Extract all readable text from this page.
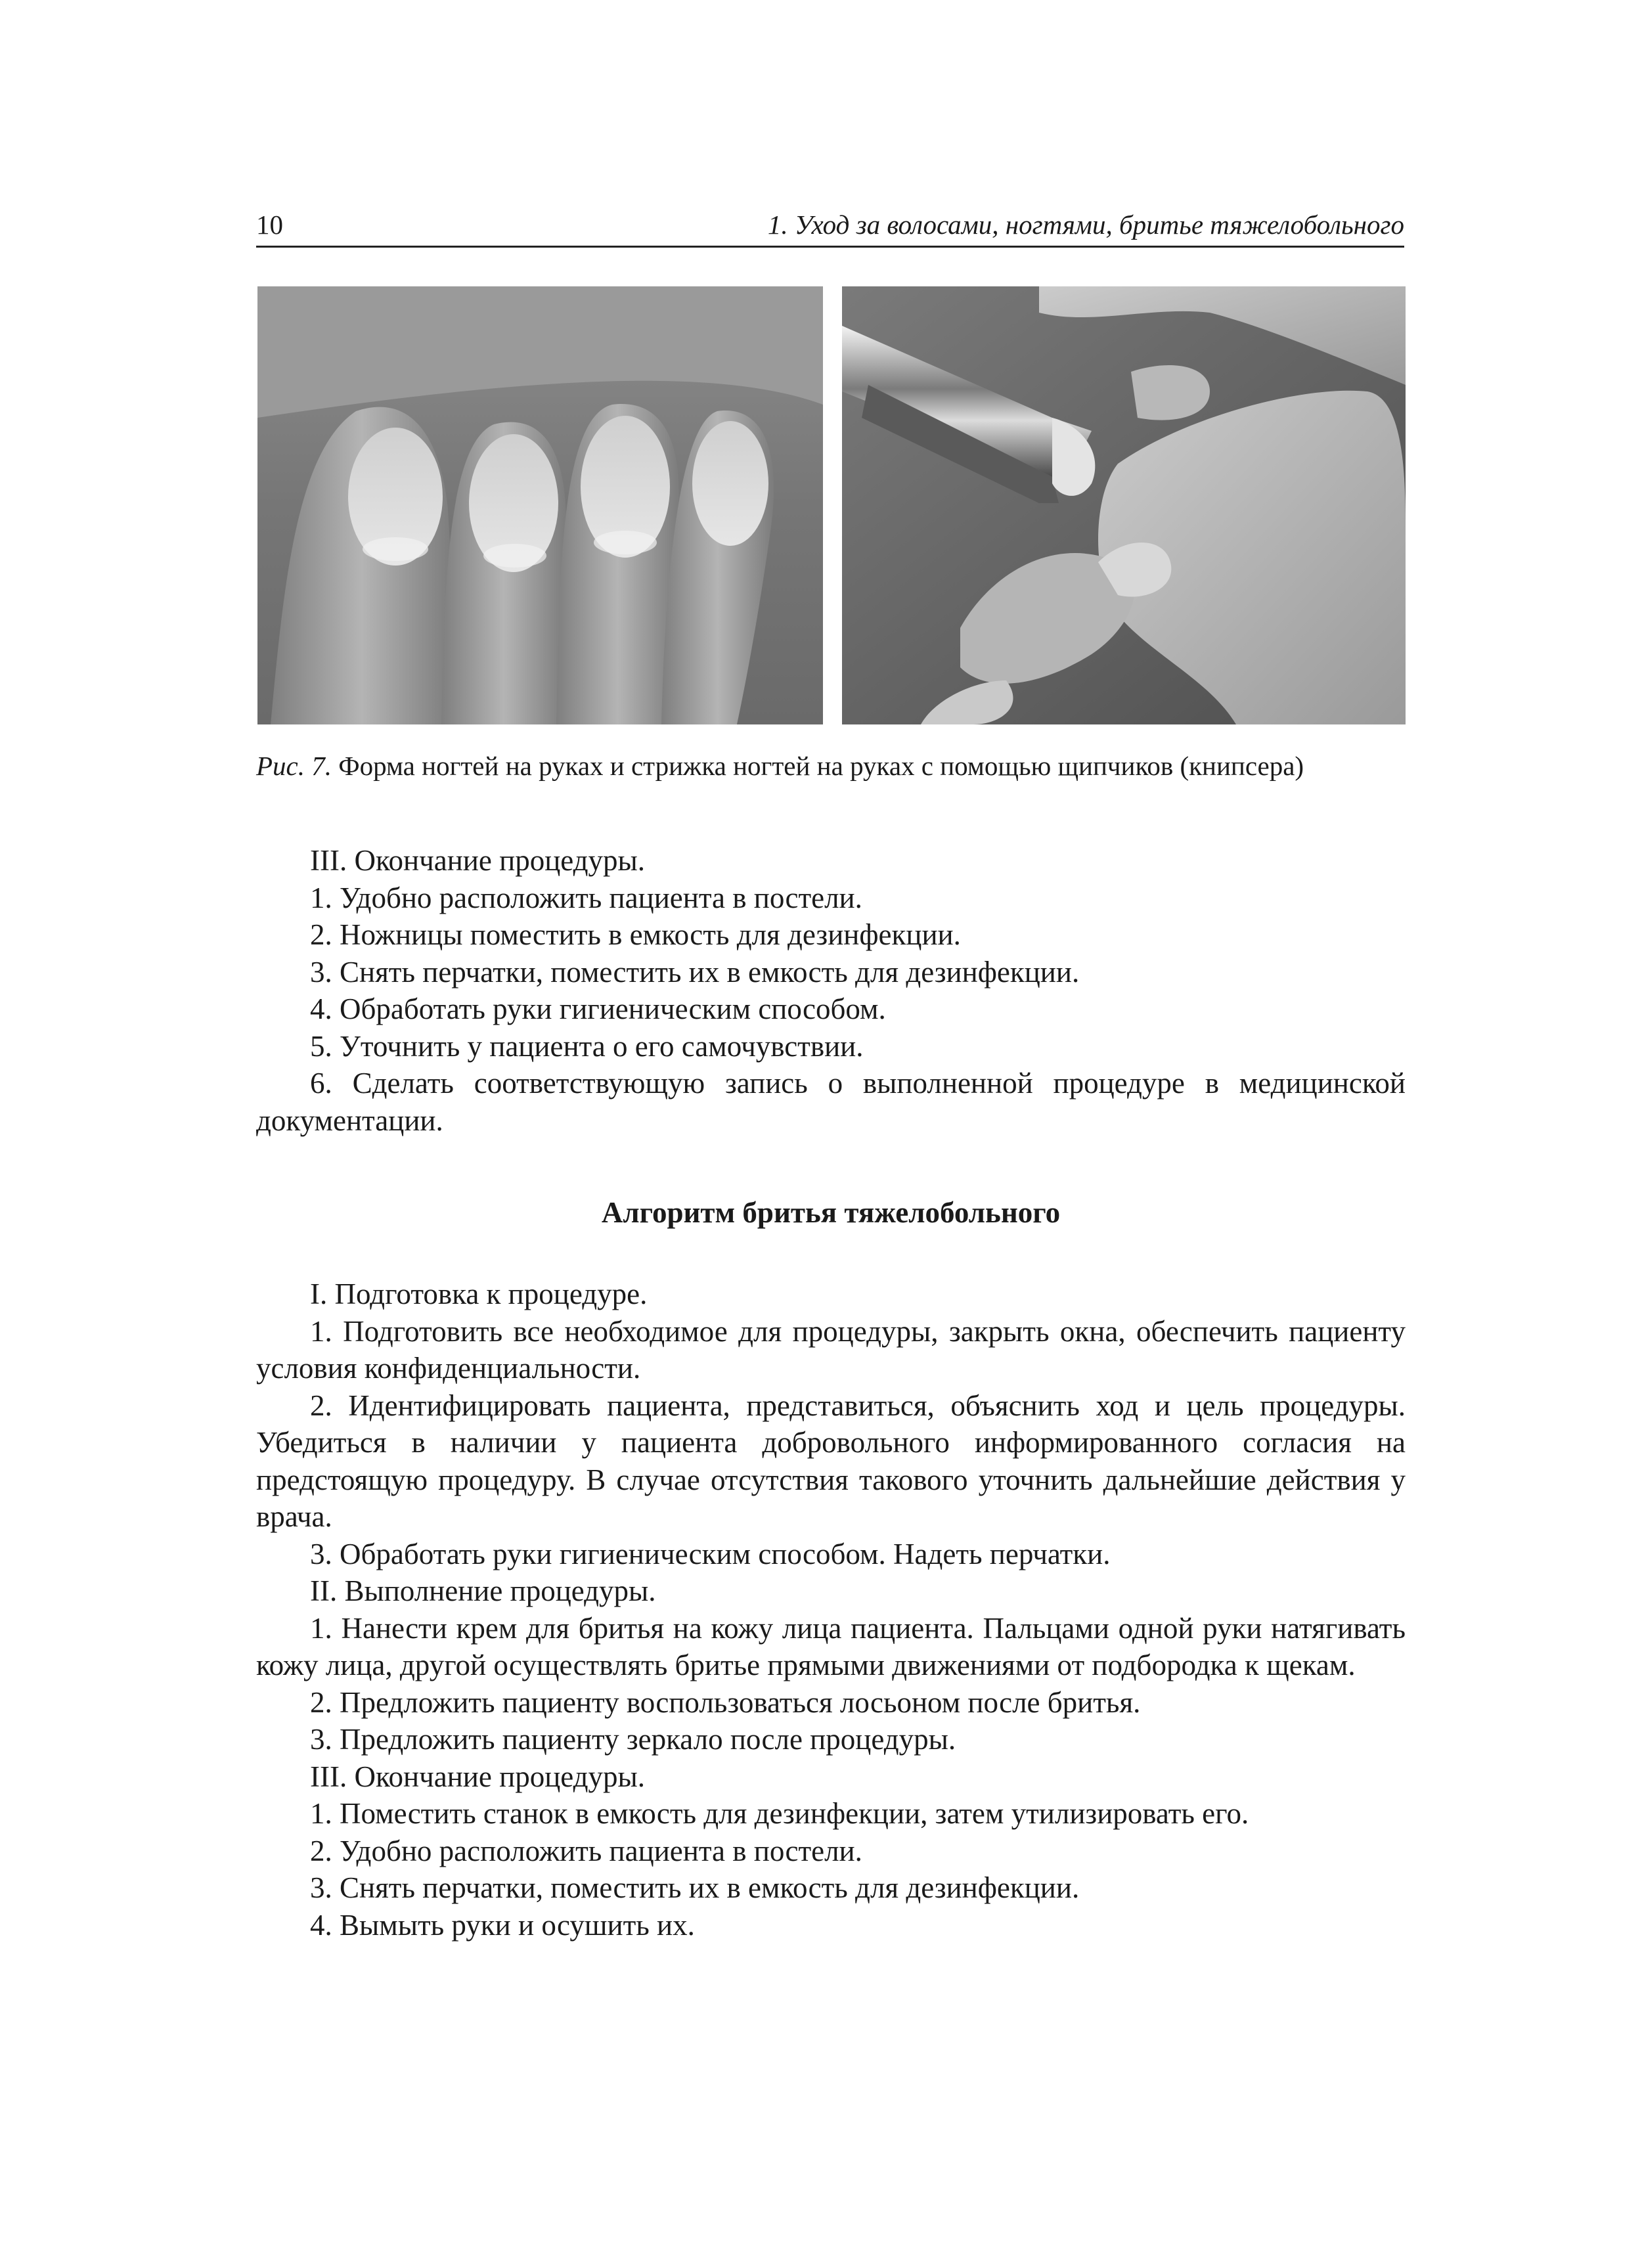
10	1. Уход за волосами, ногтями, бритье тяжелобольного
Рис. 7. Форма ногтей на руках и стрижка ногтей на руках с помощью щипчиков (книпсера)

III. Окончание процедуры.

1. Удобно расположить пациента в постели.

2. Ножницы поместить в емкость для дезинфекции.

3. Снять перчатки, поместить их в емкость для дезинфекции.

4. Обработать руки гигиеническим способом.

5. Уточнить у пациента о его самочувствии.

6. Сделать соответствующую запись о выполненной процедуре в медицинской документации.

Алгоритм бритья тяжелобольного

I. Подготовка к процедуре.

1. Подготовить все необходимое для процедуры, закрыть окна, обеспечить пациенту условия конфиденциальности.

2. Идентифицировать пациента, представиться, объяснить ход и цель процедуры. Убедиться в наличии у пациента добровольного информированного согласия на предстоящую процедуру. В случае отсутствия такового уточнить дальнейшие действия у врача.

3. Обработать руки гигиеническим способом. Надеть перчатки.

II. Выполнение процедуры.

1. Нанести крем для бритья на кожу лица пациента. Пальцами одной руки натягивать кожу лица, другой осуществлять бритье прямыми движениями от подбородка к щекам.

2. Предложить пациенту воспользоваться лосьоном после бритья.

3. Предложить пациенту зеркало после процедуры.

III. Окончание процедуры.

1. Поместить станок в емкость для дезинфекции, затем утилизировать его.

2. Удобно расположить пациента в постели.

3. Снять перчатки, поместить их в емкость для дезинфекции.

4. Вымыть руки и осушить их.
